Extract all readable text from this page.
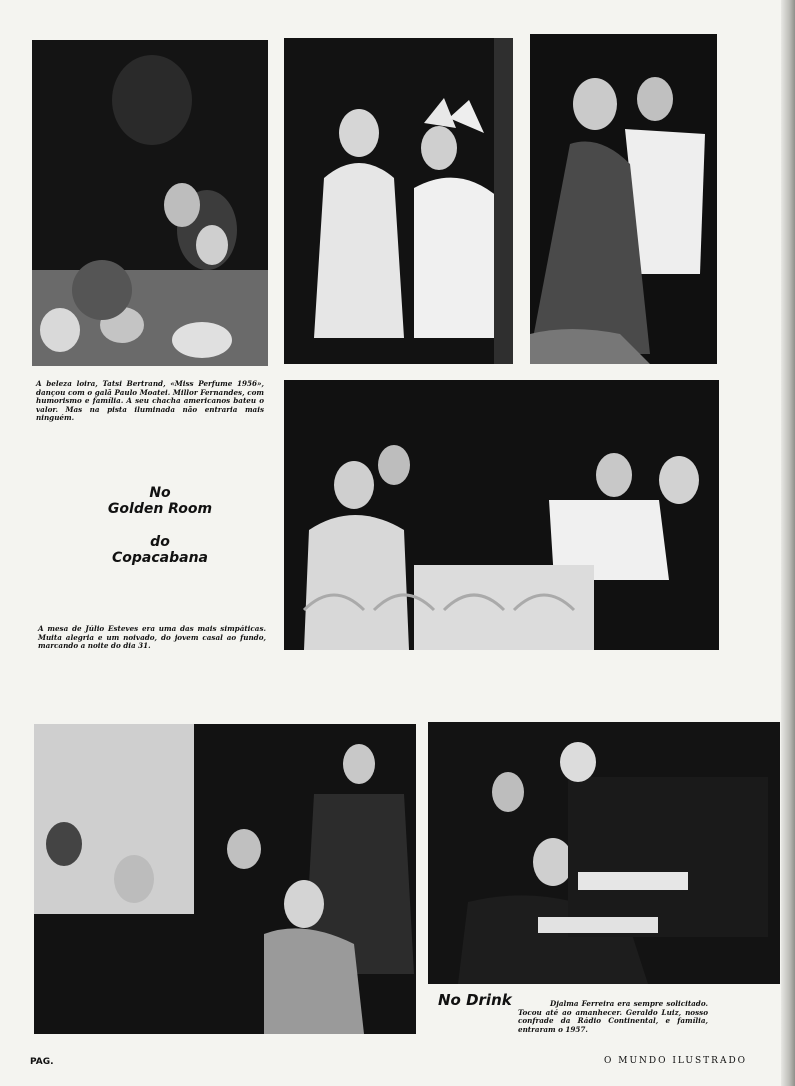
A beleza loira, Tatsi Bertrand, «Miss Perfume 1956», dançou com o galã Paulo Moatei. Millor Fernandes, com humorismo e família. A seu chacha americanos bateu o valor. Mas na pista iluminada não entraria mais ninguém.
No
Golden Room
do
Copacabana
A mesa de Júlio Esteves era uma das mais simpáticas. Muita alegria e um noivado, do jovem casal ao fundo, marcando a noite do dia 31.
No Drink	Djalma Ferreira era sempre solicitado. Tocou até ao amanhecer. Geraldo Luiz, nosso confrade da Rádio Continental, e família, entraram o 1957.
PAG.	O MUNDO ILUSTRADO
